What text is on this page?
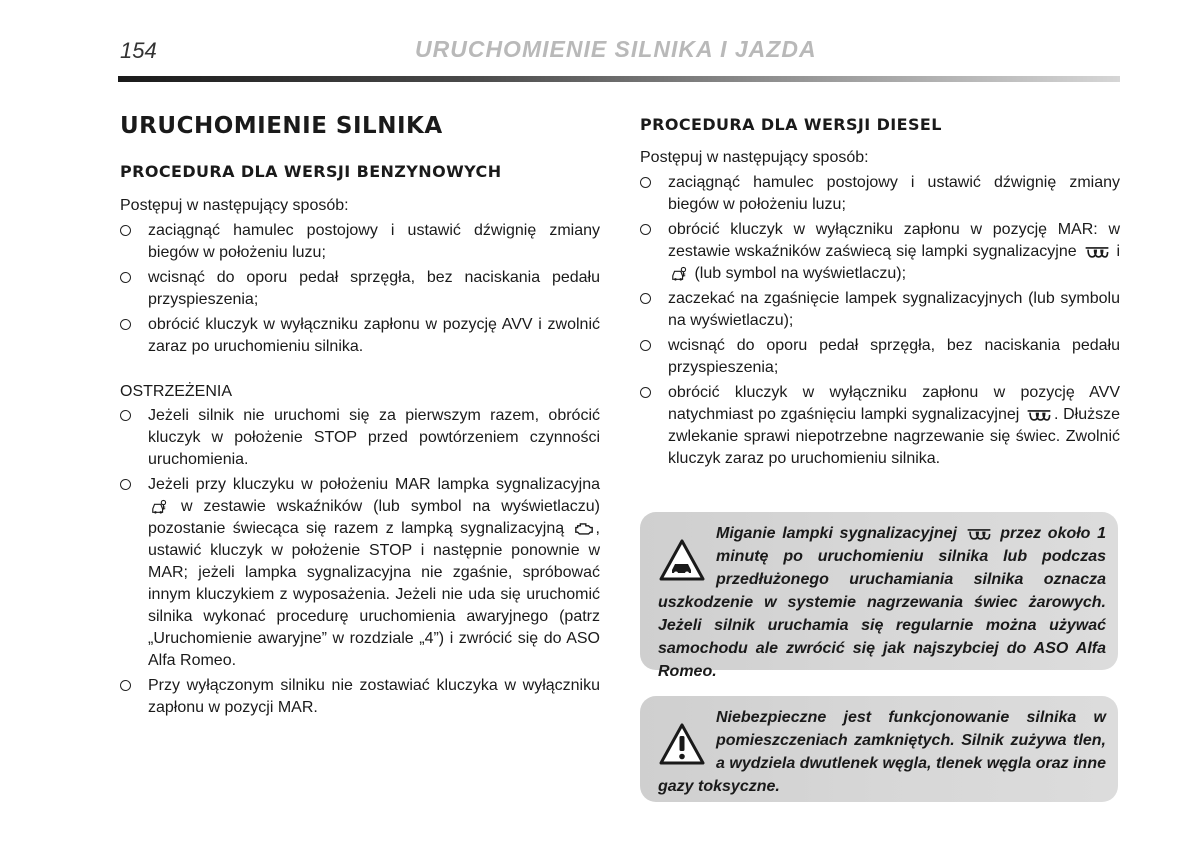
154	URUCHOMIENIE SILNIKA I JAZDA
URUCHOMIENIE SILNIKA
PROCEDURA DLA WERSJI BENZYNOWYCH

Postępuj w następujący sposób:

zaciągnąć hamulec postojowy i ustawić dźwignię zmiany biegów w położeniu luzu;
wcisnąć do oporu pedał sprzęgła, bez naciskania pedału przyspieszenia;
obrócić kluczyk w wyłączniku zapłonu w pozycję AVV i zwolnić zaraz po uruchomieniu silnika.

OSTRZEŻENIA

Jeżeli silnik nie uruchomi się za pierwszym razem, obrócić kluczyk w położenie STOP przed powtórzeniem czynności uruchomienia.
Jeżeli przy kluczyku w położeniu MAR lampka sygnalizacyjna  w zestawie wskaźników (lub symbol na wyświetlaczu) pozostanie świecąca się razem z lampką sygnalizacyjną , ustawić kluczyk w położenie STOP i następnie ponownie w MAR; jeżeli lampka sygnalizacyjna nie zgaśnie, spróbować innym kluczykiem z wyposażenia. Jeżeli nie uda się uruchomić silnika wykonać procedurę uruchomienia awaryjnego (patrz „Uruchomienie awaryjne” w rozdziale „4”) i zwrócić się do ASO Alfa Romeo.
Przy wyłączonym silniku nie zostawiać kluczyka w wyłączniku zapłonu w pozycji MAR.
PROCEDURA DLA WERSJI DIESEL

Postępuj w następujący sposób:

zaciągnąć hamulec postojowy i ustawić dźwignię zmiany biegów w położeniu luzu;
obrócić kluczyk w wyłączniku zapłonu w pozycję MAR: w zestawie wskaźników zaświecą się lampki sygnalizacyjne i  (lub symbol na wyświetlaczu);
zaczekać na zgaśnięcie lampek sygnalizacyjnych (lub symbolu na wyświetlaczu);
wcisnąć do oporu pedał sprzęgła, bez naciskania pedału przyspieszenia;
obrócić kluczyk w wyłączniku zapłonu w pozycję AVV natychmiast po zgaśnięciu lampki sygnalizacyjnej . Dłuższe zwlekanie sprawi niepotrzebne nagrzewanie się świec. Zwolnić kluczyk zaraz po uruchomieniu silnika.
Miganie lampki sygnalizacyjnej	przez około 1 minutę po uruchomieniu silnika lub podczas przedłużonego uruchamiania silnika oznacza uszkodzenie w systemie nagrzewania świec żarowych. Jeżeli silnik uruchamia się regularnie można używać samochodu ale zwrócić się jak najszybciej do ASO Alfa Romeo.
Niebezpieczne jest funkcjonowanie silnika w pomieszczeniach zamkniętych. Silnik zużywa tlen, a wydziela dwutlenek węgla, tlenek węgla oraz inne gazy toksyczne.
